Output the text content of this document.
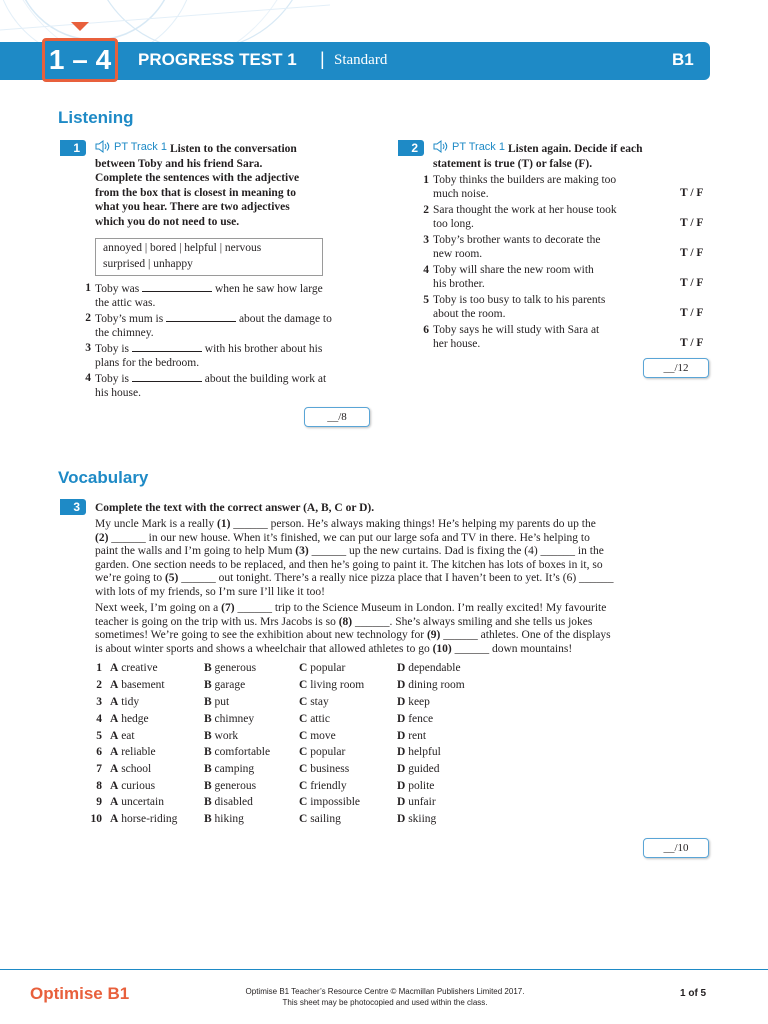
1 – 4	PROGRESS TEST 1 | Standard	B1
Listening
1	PT Track 1 Listen to the conversation
between Toby and his friend Sara.
Complete the sentences with the adjective
from the box that is closest in meaning to
what you hear. There are two adjectives
which you do not need to use.
annoyed | bored | helpful | nervous
surprised | unhappy
1 Toby was	when he saw how large
the attic was.
2 Toby’s mum is	about the damage to
the chimney.
3 Toby is	with his brother about his
plans for the bedroom.
4 Toby is	about the building work at
his house.
__/8
2	PT Track 1 Listen again. Decide if each
statement is true (T) or false (F).
1 Toby thinks the builders are making too
much noise.	T / F
2 Sara thought the work at her house took
too long.	T / F
3 Toby’s brother wants to decorate the
new room.	T / F
4 Toby will share the new room with
his brother.	T / F
5 Toby is too busy to talk to his parents
about the room.	T / F
6 Toby says he will study with Sara at
her house.	T / F
__/12
Vocabulary
3	Complete the text with the correct answer (A, B, C or D).
My uncle Mark is a really (1) ______ person. He’s always making things! He’s helping my parents do up the
(2) ______ in our new house. When it’s finished, we can put our large sofa and TV in there. He’s helping to
paint the walls and I’m going to help Mum (3) ______ up the new curtains. Dad is fixing the (4) ______ in the
garden. One section needs to be replaced, and then he’s going to paint it. The kitchen has lots of boxes in it, so
we’re going to (5) ______ out tonight. There’s a really nice pizza place that I haven’t been to yet. It’s (6) ______
with lots of my friends, so I’m sure I’ll like it too!
Next week, I’m going on a (7) ______ trip to the Science Museum in London. I’m really excited! My favourite
teacher is going on the trip with us. Mrs Jacobs is so (8) ______. She’s always smiling and she tells us jokes
sometimes! We’re going to see the exhibition about new technology for (9) ______ athletes. One of the displays
is about winter sports and shows a wheelchair that allowed athletes to go (10) ______ down mountains!
1 A creative	B generous	C popular	D dependable
2 A basement	B garage	C living room	D dining room
3 A tidy	B put	C stay	D keep
4 A hedge	B chimney	C attic	D fence
5 A eat	B work	C move	D rent
6 A reliable	B comfortable	C popular	D helpful
7 A school	B camping	C business	D guided
8 A curious	B generous	C friendly	D polite
9 A uncertain	B disabled	C impossible	D unfair
10 A horse-riding B hiking	C sailing	D skiing
__/10
Optimise B1	Optimise B1 Teacher’s Resource Centre © Macmillan Publishers Limited 2017.
This sheet may be photocopied and used within the class.
1 of 5
